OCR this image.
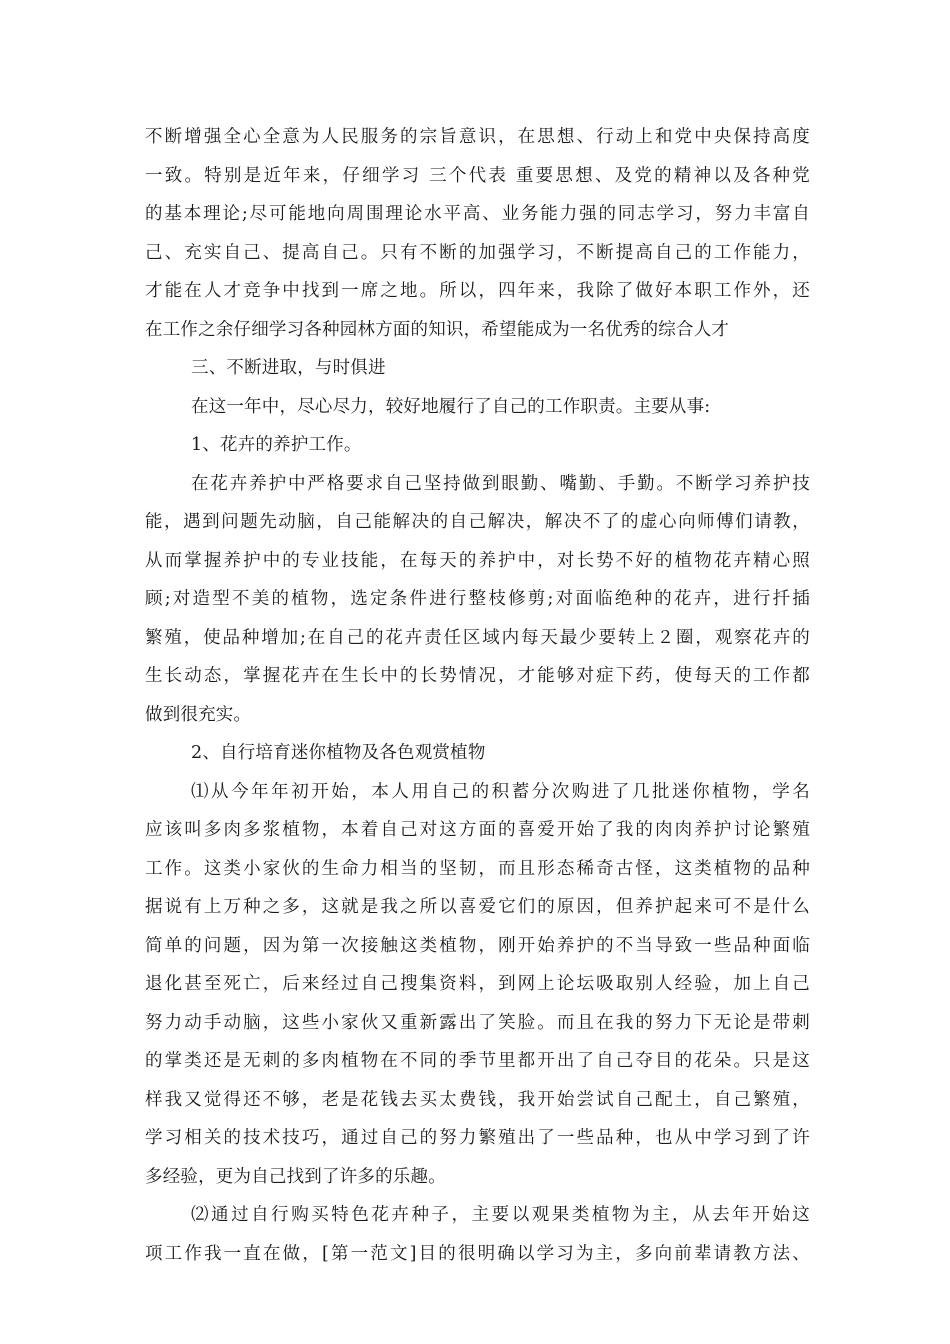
不断增强全心全意为人民服务的宗旨意识，在思想、行动上和党中央保持高度
一致。特别是近年来，仔细学习 三个代表 重要思想、及党的精神以及各种党
的基本理论;尽可能地向周围理论水平高、业务能力强的同志学习，努力丰富自
己、充实自己、提高自己。只有不断的加强学习，不断提高自己的工作能力，
才能在人才竞争中找到一席之地。所以，四年来，我除了做好本职工作外，还
在工作之余仔细学习各种园林方面的知识，希望能成为一名优秀的综合人才
三、不断进取，与时俱进
在这一年中，尽心尽力，较好地履行了自己的工作职责。主要从事:
1、花卉的养护工作。
在花卉养护中严格要求自己坚持做到眼勤、嘴勤、手勤。不断学习养护技
能，遇到问题先动脑，自己能解决的自己解决，解决不了的虚心向师傅们请教，
从而掌握养护中的专业技能，在每天的养护中，对长势不好的植物花卉精心照
顾;对造型不美的植物，选定条件进行整枝修剪;对面临绝种的花卉，进行扦插
繁殖，使品种增加;在自己的花卉责任区域内每天最少要转上２圈，观察花卉的
生长动态，掌握花卉在生长中的长势情况，才能够对症下药，使每天的工作都
做到很充实。
2、自行培育迷你植物及各色观赏植物
⑴从今年年初开始，本人用自己的积蓄分次购进了几批迷你植物，学名
应该叫多肉多浆植物，本着自己对这方面的喜爱开始了我的肉肉养护讨论繁殖
工作。这类小家伙的生命力相当的坚韧，而且形态稀奇古怪，这类植物的品种
据说有上万种之多，这就是我之所以喜爱它们的原因，但养护起来可不是什么
简单的问题，因为第一次接触这类植物，刚开始养护的不当导致一些品种面临
退化甚至死亡，后来经过自己搜集资料，到网上论坛吸取别人经验，加上自己
努力动手动脑，这些小家伙又重新露出了笑脸。而且在我的努力下无论是带刺
的掌类还是无刺的多肉植物在不同的季节里都开出了自己夺目的花朵。只是这
样我又觉得还不够，老是花钱去买太费钱，我开始尝试自己配土，自己繁殖，
学习相关的技术技巧，通过自己的努力繁殖出了一些品种，也从中学习到了许
多经验，更为自己找到了许多的乐趣。
⑵通过自行购买特色花卉种子，主要以观果类植物为主，从去年开始这
项工作我一直在做，[第一范文]目的很明确以学习为主，多向前辈请教方法、
